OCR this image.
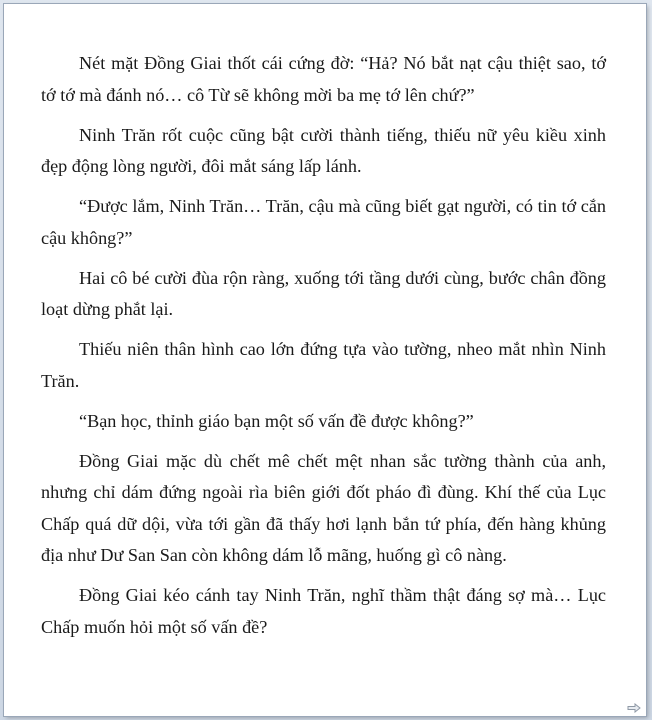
Nét mặt Đồng Giai thốt cái cứng đờ: “Hả? Nó bắt nạt cậu thiệt sao, tớ tớ tớ mà đánh nó… cô Từ sẽ không mời ba mẹ tớ lên chứ?”

Ninh Trăn rốt cuộc cũng bật cười thành tiếng, thiếu nữ yêu kiều xinh đẹp động lòng người, đôi mắt sáng lấp lánh.

“Được lắm, Ninh Trăn… Trăn, cậu mà cũng biết gạt người, có tin tớ cắn cậu không?”

Hai cô bé cười đùa rộn ràng, xuống tới tầng dưới cùng, bước chân đồng loạt dừng phắt lại.

Thiếu niên thân hình cao lớn đứng tựa vào tường, nheo mắt nhìn Ninh Trăn.

“Bạn học, thỉnh giáo bạn một số vấn đề được không?”

Đồng Giai mặc dù chết mê chết mệt nhan sắc tường thành của anh, nhưng chỉ dám đứng ngoài rìa biên giới đốt pháo đì đùng. Khí thế của Lục Chấp quá dữ dội, vừa tới gần đã thấy hơi lạnh bắn tứ phía, đến hàng khủng địa như Dư San San còn không dám lỗ mãng, huống gì cô nàng.

Đồng Giai kéo cánh tay Ninh Trăn, nghĩ thầm thật đáng sợ mà… Lục Chấp muốn hỏi một số vấn đề?
